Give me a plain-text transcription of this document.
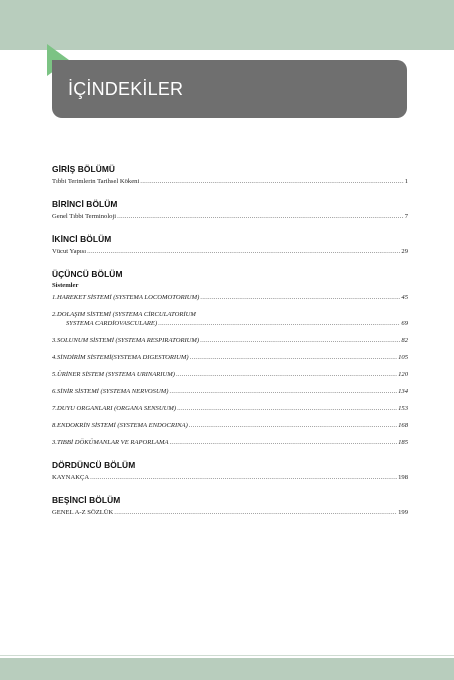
İÇİNDEKİLER
GİRİŞ BÖLÜMÜ
Tıbbi Terimlerin Tarihsel Kökeni .....	1
BİRİNCİ BÖLÜM
Genel Tıbbi Terminoloji .....	7
İKİNCİ BÖLÜM
Vücut Yapısı .....	29
ÜÇÜNCÜ BÖLÜM
Sistemler
1.HAREKET SİSTEMİ (SYSTEMA LOCOMOTORIUM) .....	45
2.DOLAŞIM SİSTEMİ (SYSTEMA CİRCULATORİUM
SYSTEMA CARDİOVASCULARE) .....	69
3.SOLUNUM SİSTEMİ (SYSTEMA RESPIRATORIUM) .....	82
4.SİNDİRİM SİSTEMİ(SYSTEMA DIGESTORIUM) .....	105
5.ÜRİNER SİSTEM (SYSTEMA URINARIUM) .....	120
6.SİNİR SİSTEMİ (SYSTEMA NERVOSUM) .....	134
7.DUYU ORGANLARI (ORGANA SENSUUM) .....	153
8.ENDOKRİN SİSTEMİ (SYSTEMA ENDOCRINA) .....	168
3.TIBBİ DÖKÜMANLAR VE RAPORLAMA .....	185
DÖRDÜNCÜ BÖLÜM
KAYNAKÇA .....	198
BEŞİNCİ BÖLÜM
GENEL A-Z SÖZLÜK .....	199
